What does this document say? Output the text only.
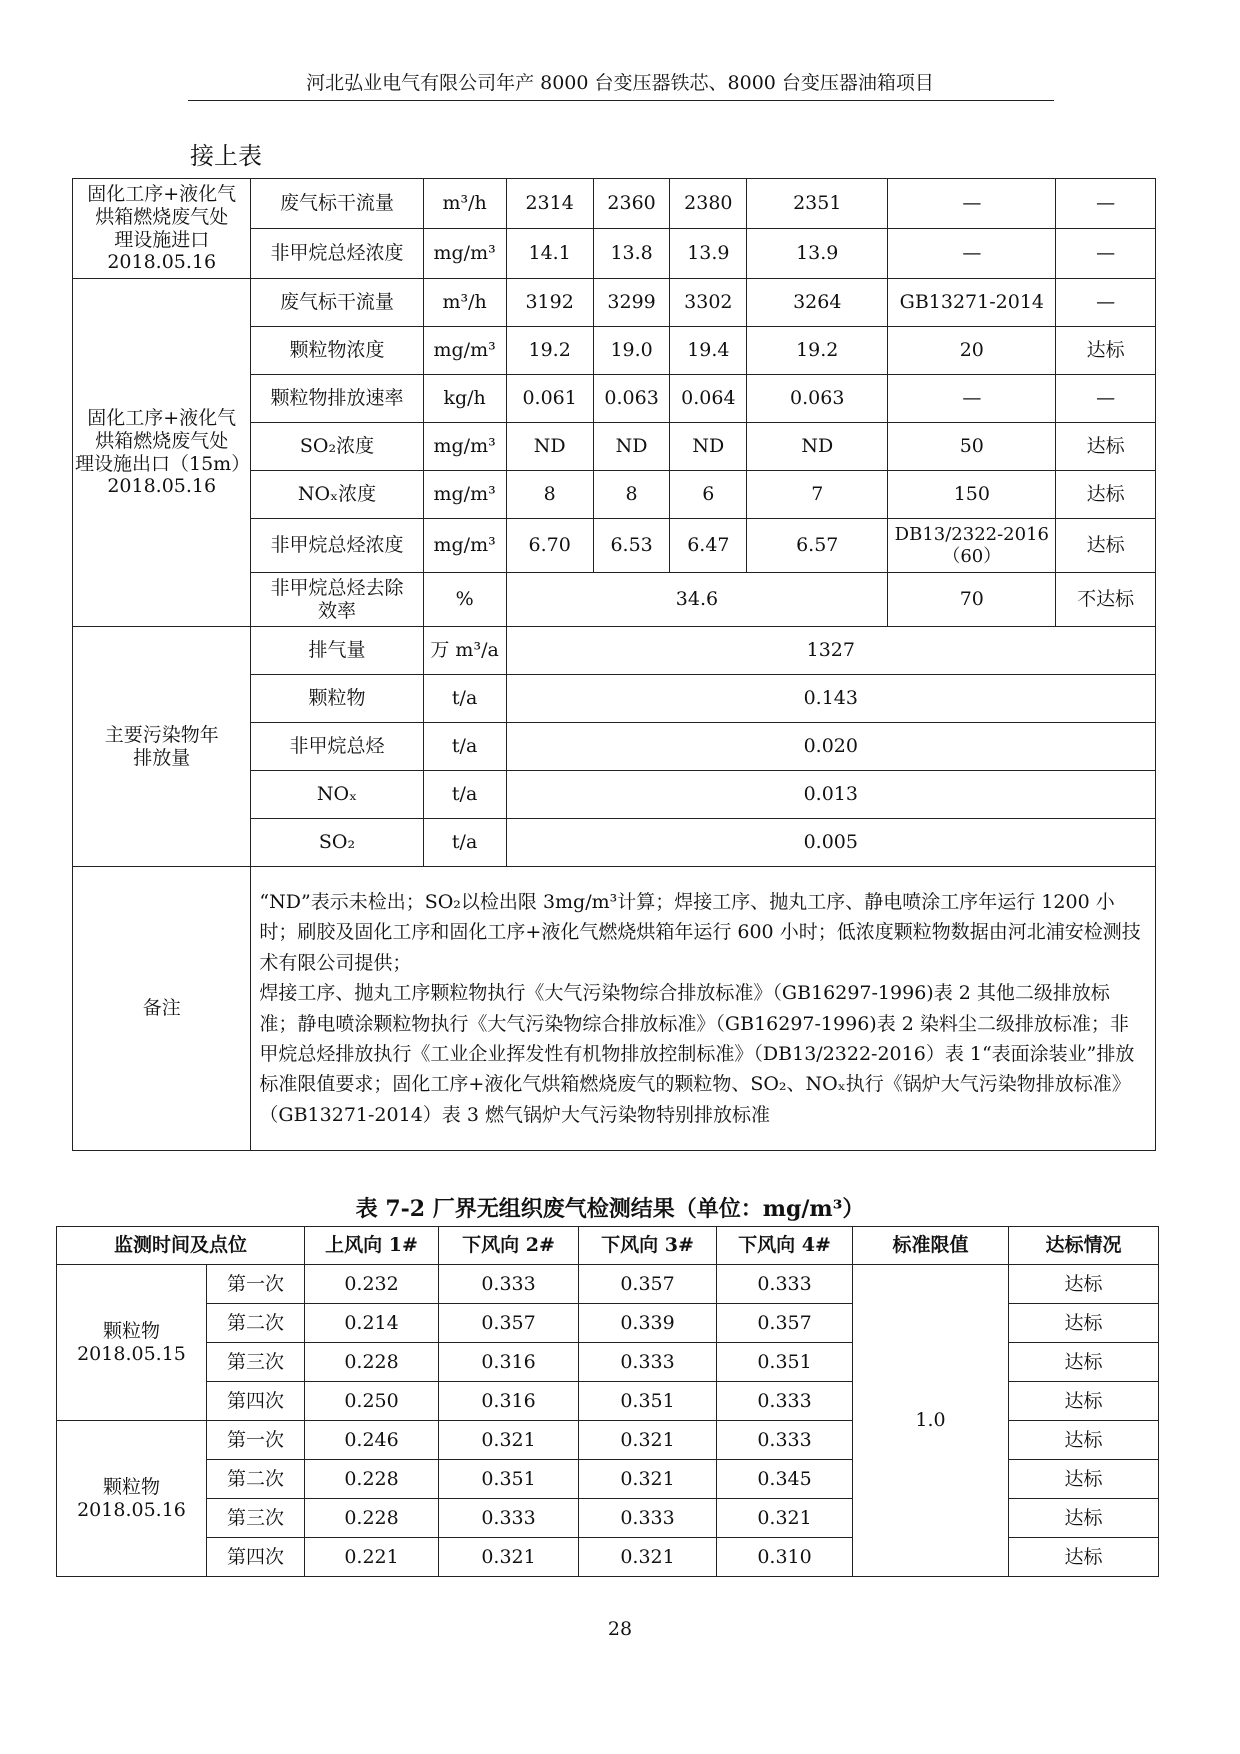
河北弘业电气有限公司年产 8000 台变压器铁芯、8000 台变压器油箱项目
接上表
固化工序+液化气
烘箱燃烧废气处
理设施进口
2018.05.16	废气标干流量	m³/h	2314	2360	2380	2351	—	—
	非甲烷总烃浓度	mg/m³	14.1	13.8	13.9	13.9	—	—

固化工序+液化气
烘箱燃烧废气处
理设施出口（15m）
2018.05.16	废气标干流量	m³/h	3192	3299	3302	3264	GB13271-2014	—
	颗粒物浓度	mg/m³	19.2	19.0	19.4	19.2	20	达标
	颗粒物排放速率	kg/h	0.061	0.063	0.064	0.063	—	—
	SO₂浓度	mg/m³	ND	ND	ND	ND	50	达标
	NOₓ浓度	mg/m³	8	8	6	7	150	达标
	非甲烷总烃浓度	mg/m³	6.70	6.53	6.47	6.57	DB13/2322-2016（60）	达标
	非甲烷总烃去除效率	%	34.6				70	不达标

主要污染物年
排放量	排气量	万 m³/a	1327					
	颗粒物	t/a	0.143					
	非甲烷总烃	t/a	0.020					
	NOₓ	t/a	0.013					
	SO₂	t/a	0.005					
备注	“ND”表示未检出；SO₂以检出限 3mg/m³计算；焊接工序、抛丸工序、静电喷涂工序年运行 1200 小时；刷胶及固化工序和固化工序+液化气燃烧烘箱年运行 600 小时；低浓度颗粒物数据由河北浦安检测技术有限公司提供；

焊接工序、抛丸工序颗粒物执行《大气污染物综合排放标准》（GB16297-1996)表 2 其他二级排放标准；静电喷涂颗粒物执行《大气污染物综合排放标准》（GB16297-1996)表 2 染料尘二级排放标准；非甲烷总烃排放执行《工业企业挥发性有机物排放控制标准》（DB13/2322-2016）表 1“表面涂装业”排放标准限值要求；固化工序+液化气烘箱燃烧废气的颗粒物、SO₂、NOₓ执行《锅炉大气污染物排放标准》（GB13271-2014）表 3 燃气锅炉大气污染物特别排放标准							

表 7-2 厂界无组织废气检测结果（单位：mg/m³）
监测时间及点位		上风向 1#	下风向 2#	下风向 3#	下风向 4#	标准限值	达标情况

颗粒物
2018.05.15	第一次	0.232	0.333	0.357	0.333	1.0	达标
	第二次	0.214	0.357	0.339	0.357		达标
	第三次	0.228	0.316	0.333	0.351		达标
	第四次	0.250	0.316	0.351	0.333		达标

颗粒物
2018.05.16	第一次	0.246	0.321	0.321	0.333		达标
	第二次	0.228	0.351	0.321	0.345		达标
	第三次	0.228	0.333	0.333	0.321		达标
	第四次	0.221	0.321	0.321	0.310		达标
28
